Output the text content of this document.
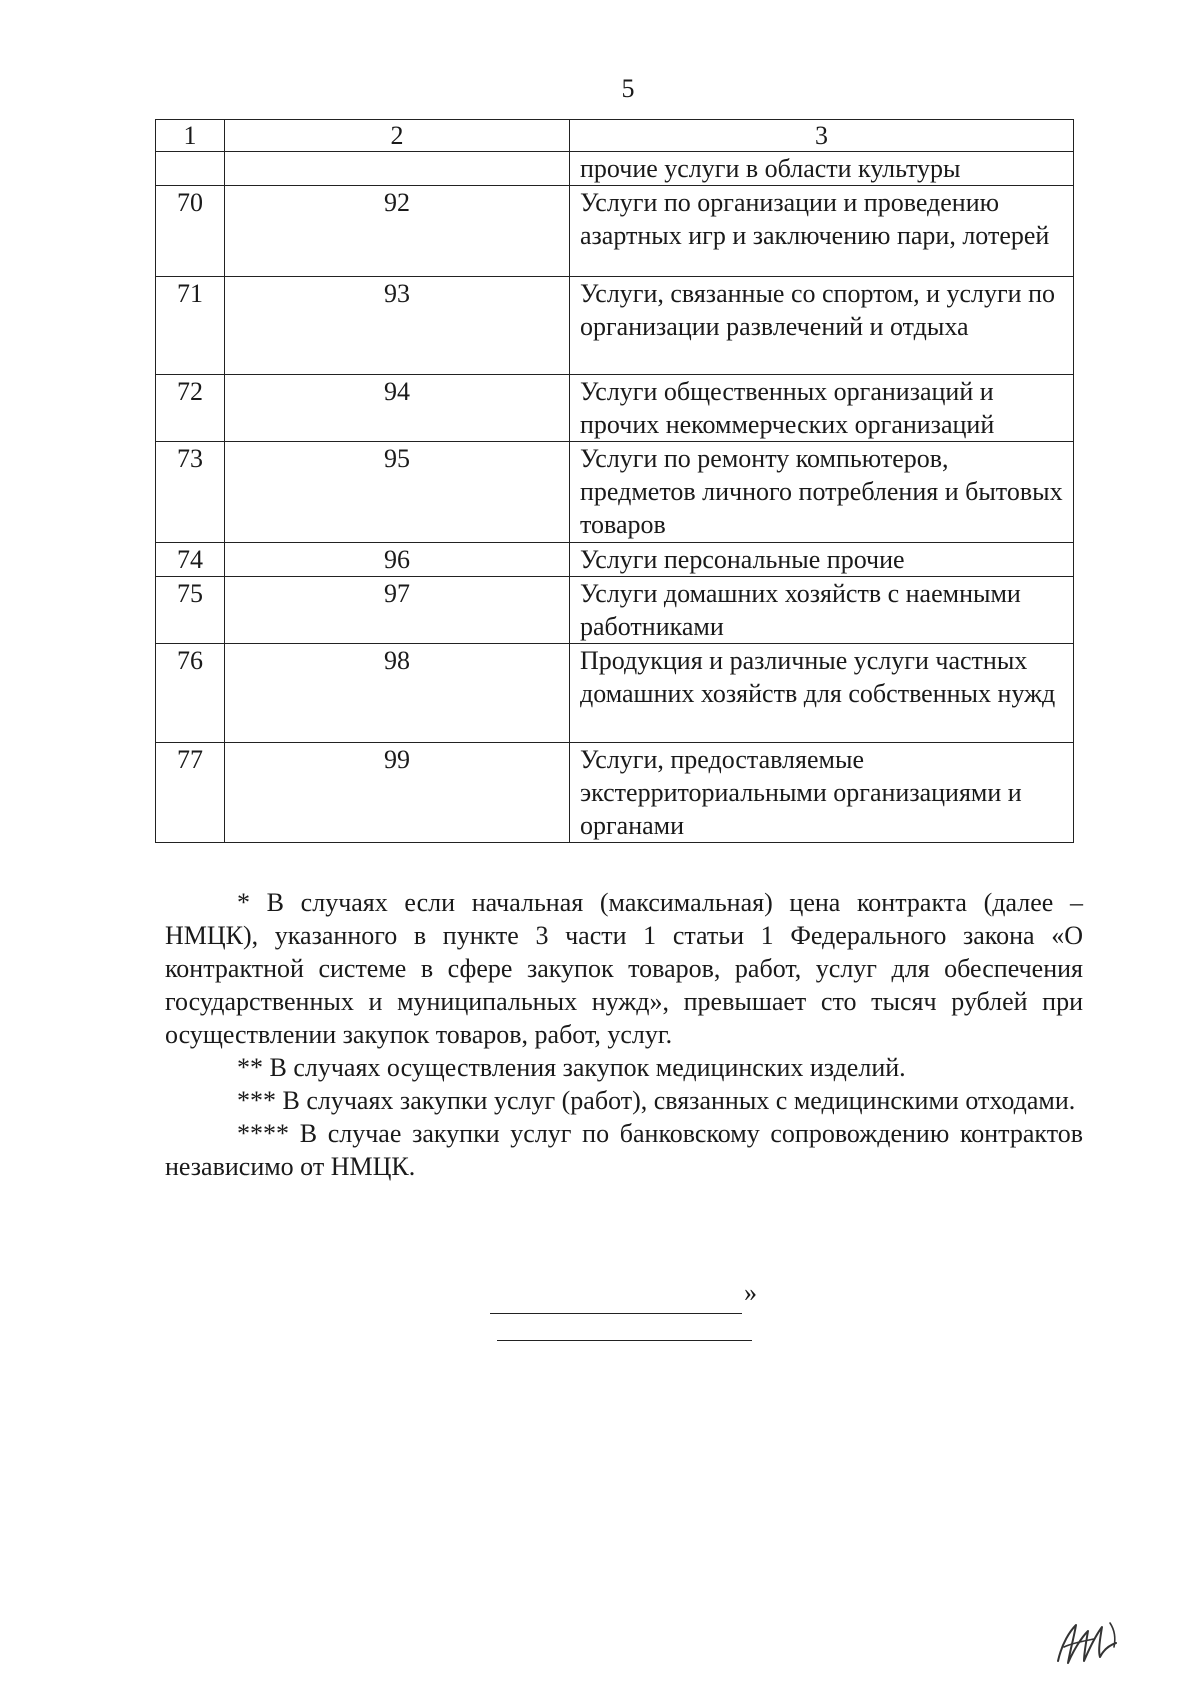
5
1	2	3
		прочие услуги в области культуры
70	92	Услуги по организации и проведению азартных игр и заключению пари, лотерей
71	93	Услуги, связанные со спортом, и услуги по организации развлечений и отдыха
72	94	Услуги общественных организаций и прочих некоммерческих организаций
73	95	Услуги по ремонту компьютеров, предметов личного потребления и бытовых товаров
74	96	Услуги персональные прочие
75	97	Услуги домашних хозяйств с наемными работниками
76	98	Продукция и различные услуги частных домашних хозяйств для собственных нужд
77	99	Услуги, предоставляемые экстерриториальными организациями и органами

* В случаях если начальная (максимальная) цена контракта (далее – НМЦК), указанного в пункте 3 части 1 статьи 1 Федерального закона «О контрактной системе в сфере закупок товаров, работ, услуг для обеспечения государственных и муниципальных нужд», превышает сто тысяч рублей при осуществлении закупок товаров, работ, услуг.

** В случаях осуществления закупок медицинских изделий.

*** В случаях закупки услуг (работ), связанных с медицинскими отходами.

**** В случае закупки услуг по банковскому сопровождению контрактов независимо от НМЦК.

»
